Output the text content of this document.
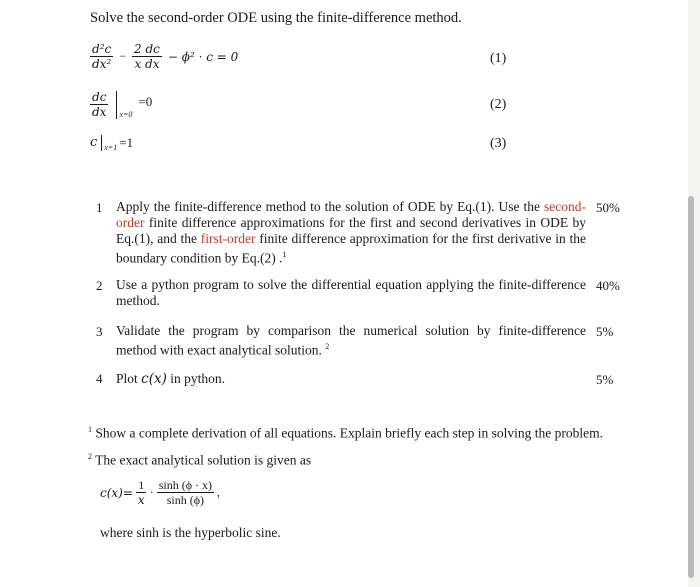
Solve the second-order ODE using the finite-difference method.
$\frac{\text{d²c}}{\text{dx²}} - \frac{2 dc}{\text{x dx}} - \phi^2 \cdot c = 0$	(1)
$\frac{dc}{dx} x=0$
=0	(2)
c x=1 =1	(3)
1 Apply the finite-difference method to the solution of ODE by Eq.(1). Use the second-order finite difference approximations for the first and second derivatives in ODE by Eq.(1), and the first-order finite difference approximation for the first derivative in the boundary condition by Eq.(2) .$^1$
50%
2 Use a python program to solve the differential equation applying the finite-difference method.
40%
3 Validate the program by comparison the numerical solution by finite-difference method with exact analytical solution. $^2$
5%
4 Plot c(x) in python.	5%
$^1$ Show a complete derivation of all equations. Explain briefly each step in solving the problem.
$^2$ The exact analytical solution is given as
$c(x)= \frac{1}{x} \cdot \frac{\sinh (\phi \cdot x)}{\sinh (\phi)}$ ,
where sinh is the hyperbolic sine.
